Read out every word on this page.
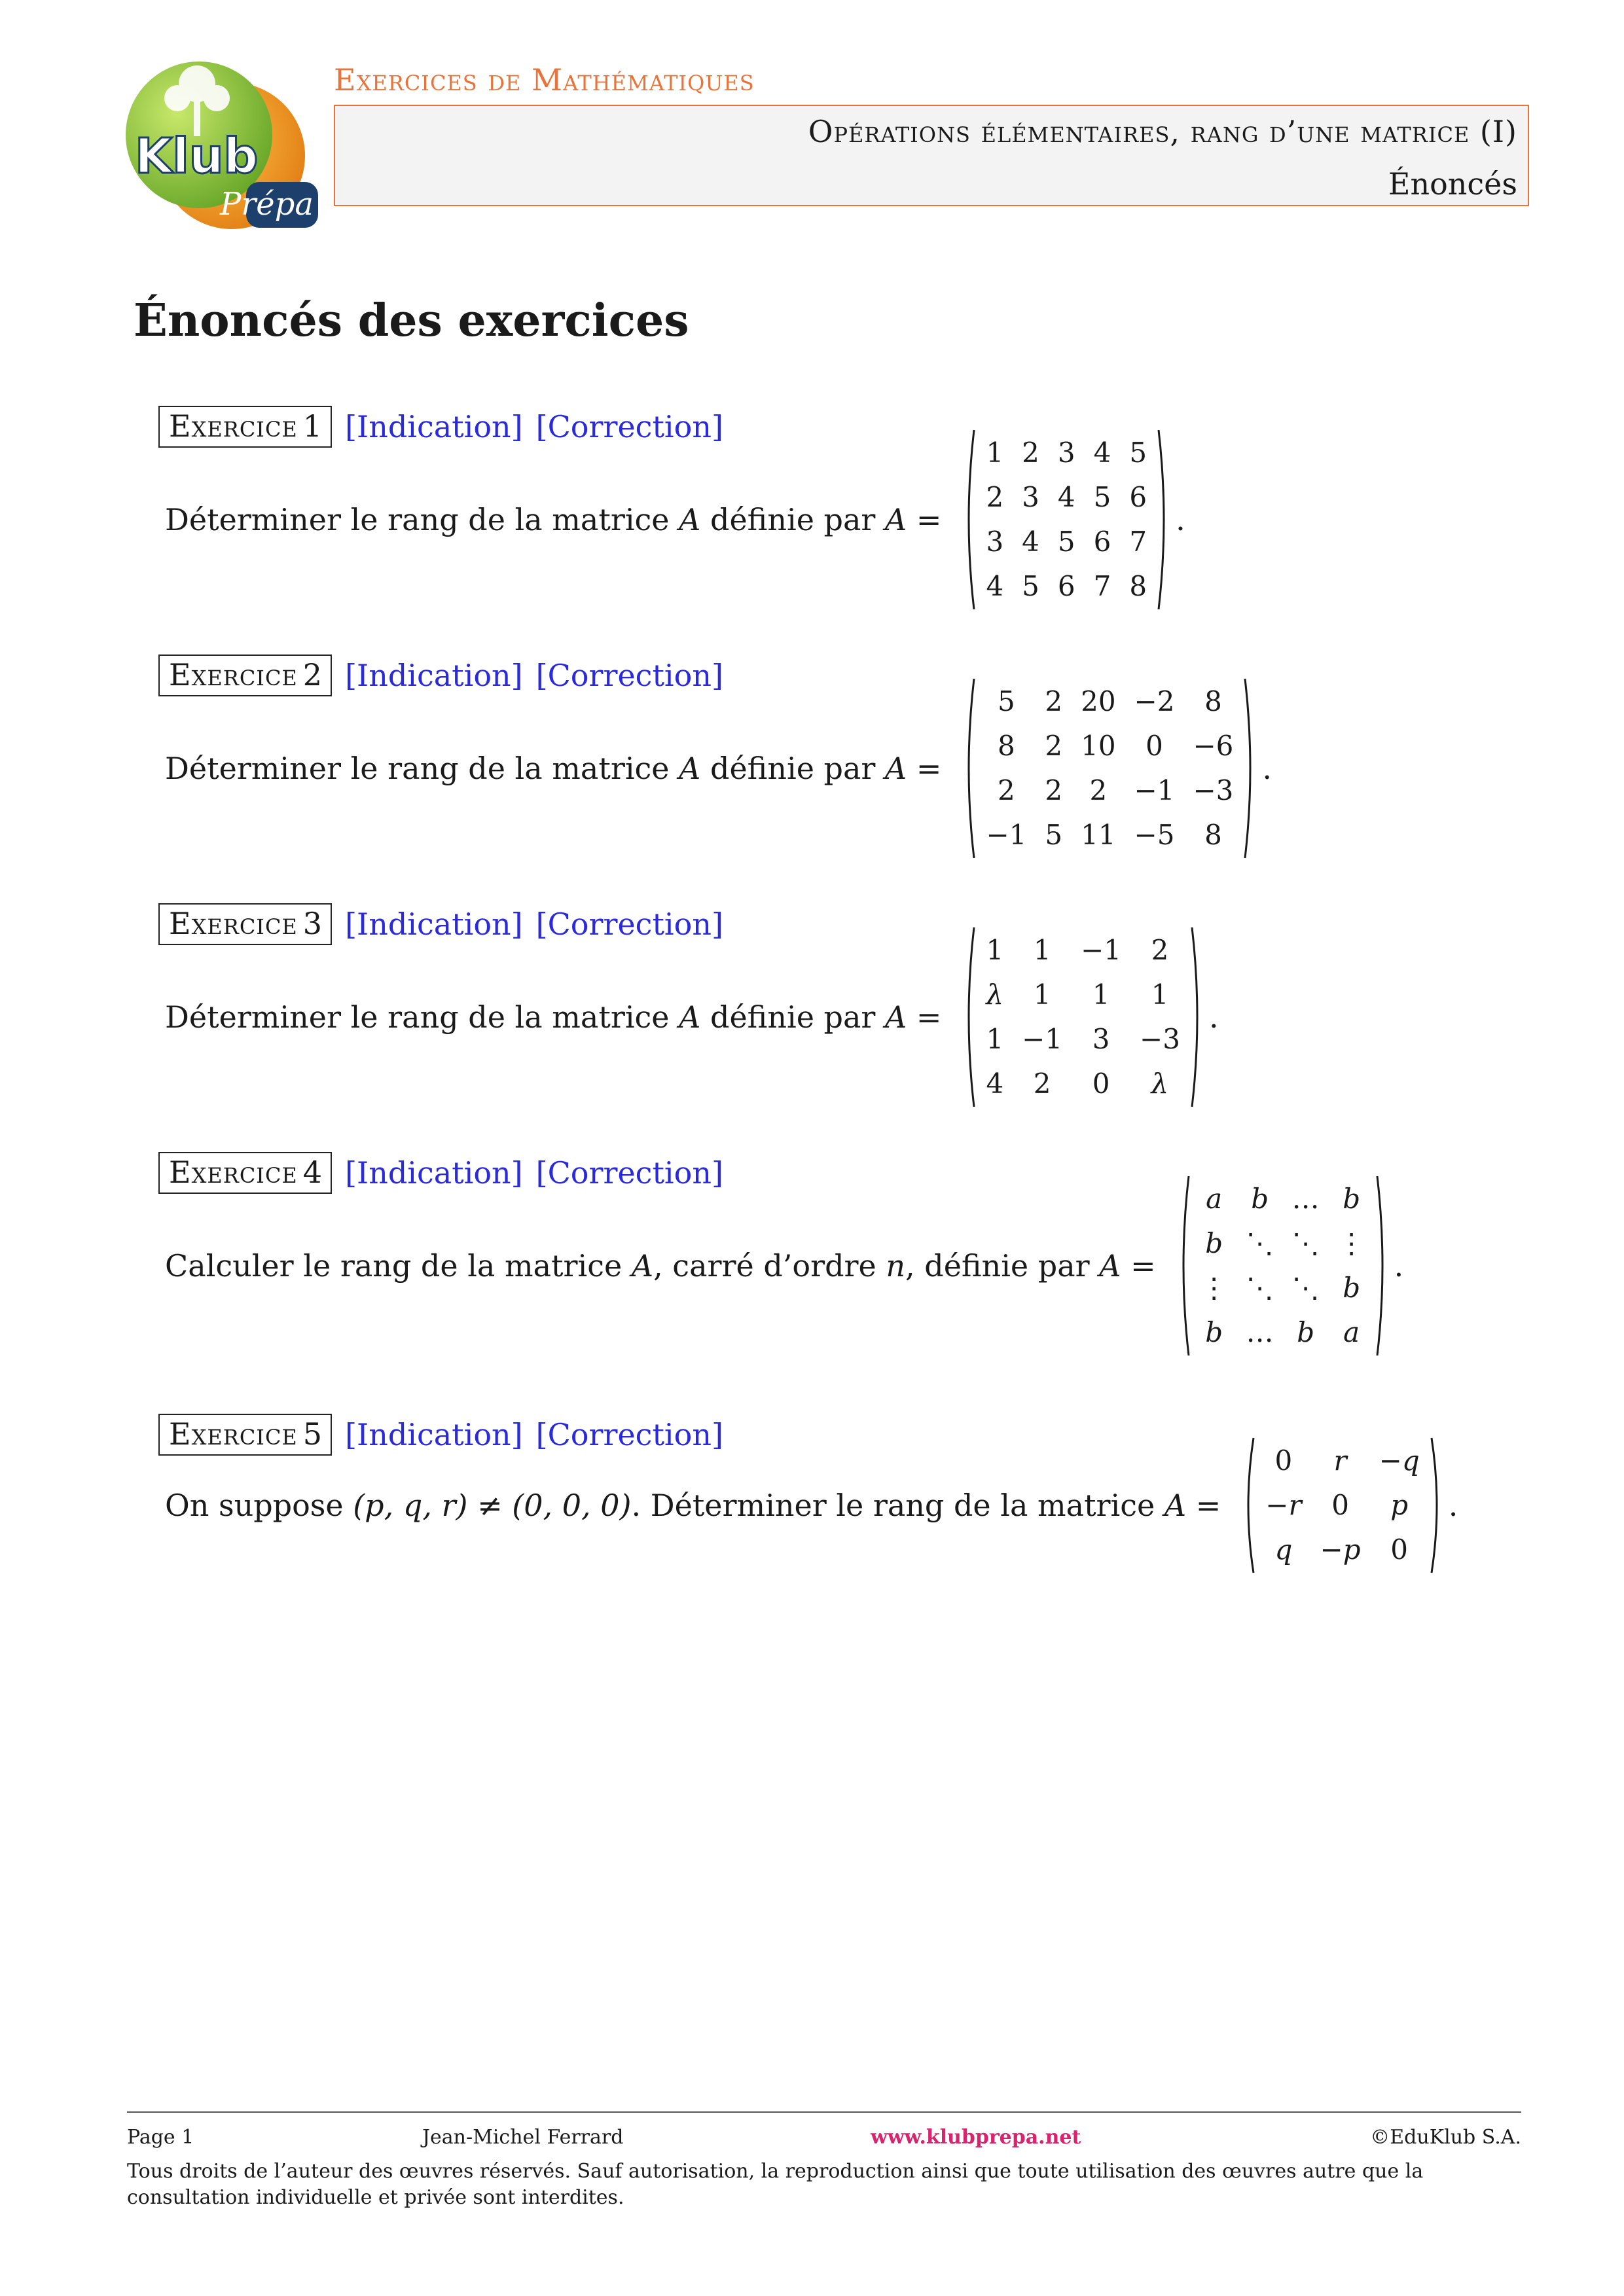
Klub
Prépa
Exercices de Mathématiques
Opérations élémentaires, rang d’une matrice (I)
Énoncés
Énoncés des exercices
Exercice 1 [Indication] [Correction]
Déterminer le rang de la matrice
A
définie par
A =
1	2	3	4	5
2	3	4	5	6
3	4	5	6	7
4	5	6	7	8
.
Exercice 2 [Indication] [Correction]
Déterminer le rang de la matrice
A
définie par
A =
5	2	20	−2	8
8	2	10	0	−6
2	2	2	−1	−3
−1	5	11	−5	8
.
Exercice 3 [Indication] [Correction]
Déterminer le rang de la matrice
A
définie par
A =
1	1	−1	2
λ	1	1	1
1	−1	3	−3
4	2	0	λ
.
Exercice 4 [Indication] [Correction]
Calculer le rang de la matrice
A , carré d’ordre
n , définie par
A =
a	b	…	b
b	⋱	⋱	⋮
⋮	⋱	⋱	b
b	…	b	a
.
Exercice 5 [Indication] [Correction]
On suppose
(p, q, r) ≠ (0, 0, 0) . Déterminer le rang de la matrice
A =
0	r	−q
−r	0	p
q	−p	0
.
Page 1	Jean-Michel Ferrard	www.klubprepa.net	©EduKlub S.A.
Tous droits de l’auteur des œuvres réservés. Sauf autorisation, la reproduction ainsi que toute utilisation des œuvres autre que la consultation individuelle et privée sont interdites.
